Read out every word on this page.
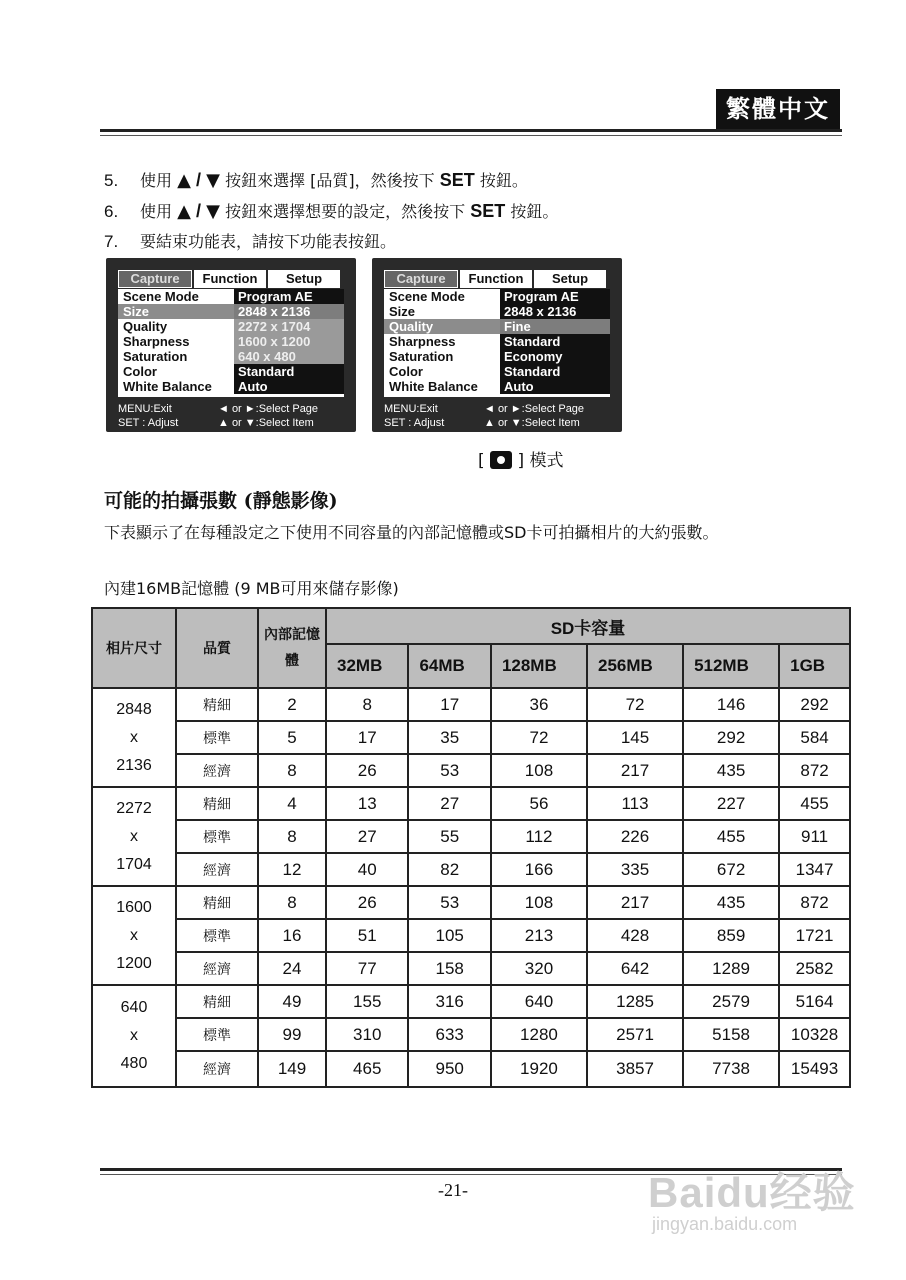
繁體中文
5. 使用 ▲ / ▼ 按鈕來選擇 [品質]，然後按下 SET 按鈕。
6. 使用 ▲ / ▼ 按鈕來選擇想要的設定，然後按下 SET 按鈕。
7. 要結束功能表，請按下功能表按鈕。
Capture	Function	Setup
Scene Mode	Program AE
Size	2848 x 2136
Quality	2272 x 1704
Sharpness	1600 x 1200
Saturation	640 x 480
Color	Standard
White Balance	Auto
MENU:Exit
SET : Adjust
◄ or ►:Select Page
▲ or ▼:Select Item
Capture	Function	Setup
Scene Mode	Program AE
Size	2848 x 2136
Quality	Fine
Sharpness	Standard
Saturation	Economy
Color	Standard
White Balance	Auto
MENU:Exit
SET : Adjust
◄ or ►:Select Page
▲ or ▼:Select Item
[ ] 模式
可能的拍攝張數 (靜態影像)
下表顯示了在每種設定之下使用不同容量的內部記憶體或SD卡可拍攝相片的大約張數。
內建16MB記憶體 (9 MB可用來儲存影像)
相片尺寸	品質	內部記憶體	SD卡容量					
			32MB	64MB	128MB	256MB	512MB	1GB

2848
x
2136	精細	2	8	17	36	72	146	292
	標準	5	17	35	72	145	292	584
	經濟	8	26	53	108	217	435	872

2272
x
1704	精細	4	13	27	56	113	227	455
	標準	8	27	55	112	226	455	911
	經濟	12	40	82	166	335	672	1347

1600
x
1200	精細	8	26	53	108	217	435	872
	標準	16	51	105	213	428	859	1721
	經濟	24	77	158	320	642	1289	2582

640
x
480	精細	49	155	316	640	1285	2579	5164
	標準	99	310	633	1280	2571	5158	10328
	經濟	149	465	950	1920	3857	7738	15493
-21-	Baidu经验
jingyan.baidu.com
